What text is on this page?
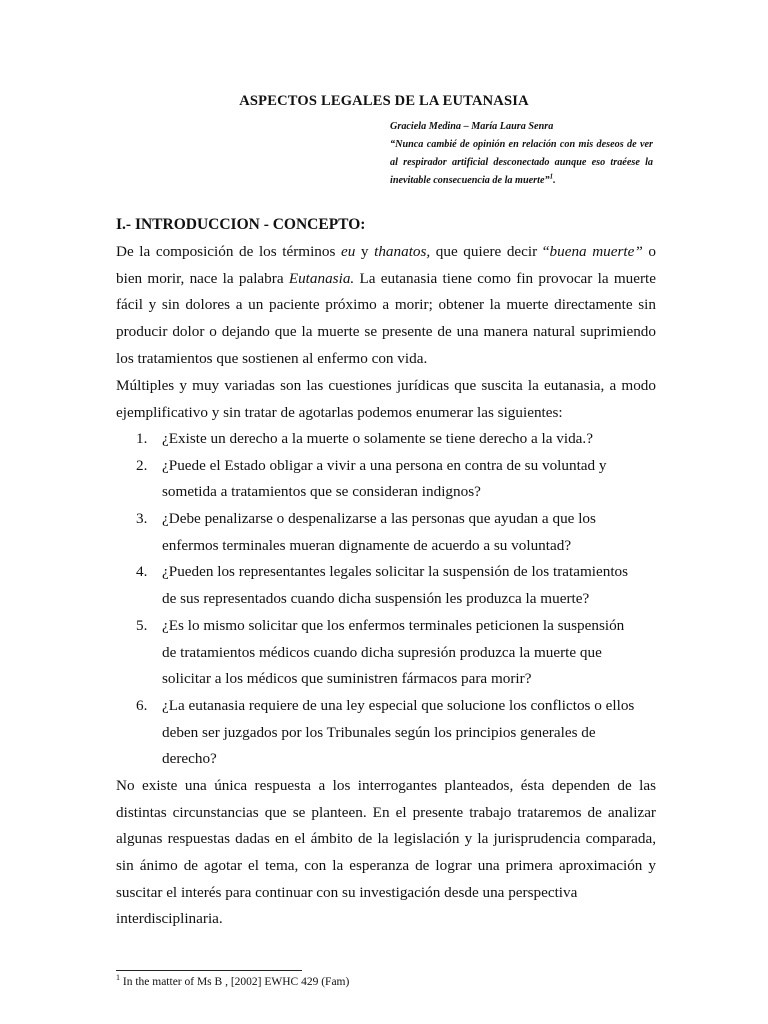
ASPECTOS LEGALES DE LA EUTANASIA
Graciela Medina – María Laura Senra
“Nunca cambié de opinión en relación con mis deseos de ver
al respirador artificial desconectado aunque eso traéese la
inevitable consecuencia de la muerte”$^1$.
I.- INTRODUCCION - CONCEPTO:
De la composición de los términos eu y thanatos, que quiere decir “buena muerte” o
bien morir, nace la palabra Eutanasia. La eutanasia tiene como fin provocar la muerte
fácil y sin dolores a un paciente próximo a morir; obtener la muerte directamente sin
producir dolor o dejando que la muerte se presente de una manera natural suprimiendo
los tratamientos que sostienen al enfermo con vida.
Múltiples y muy variadas son las cuestiones jurídicas que suscita la eutanasia, a modo
ejemplificativo y sin tratar de agotarlas podemos enumerar las siguientes:
1. ¿Existe un derecho a la muerte o solamente se tiene derecho a la vida.?
2. ¿Puede el Estado obligar a vivir a una persona en contra de su voluntad y
sometida a tratamientos que se consideran indignos?
3. ¿Debe penalizarse o despenalizarse a las personas que ayudan a que los
enfermos terminales mueran dignamente de acuerdo a su voluntad?
4. ¿Pueden los representantes legales solicitar la suspensión de los tratamientos
de sus representados cuando dicha suspensión les produzca la muerte?
5. ¿Es lo mismo solicitar que los enfermos terminales peticionen la suspensión
de tratamientos médicos cuando dicha supresión produzca la muerte que
solicitar a los médicos que suministren fármacos para morir?
6. ¿La eutanasia requiere de una ley especial que solucione los conflictos o ellos
deben ser juzgados por los Tribunales según los principios generales de
derecho?
No existe una única respuesta a los interrogantes planteados, ésta dependen de las
distintas circunstancias que se planteen. En el presente trabajo trataremos de analizar
algunas respuestas dadas en el ámbito de la legislación y la jurisprudencia comparada,
sin ánimo de agotar el tema, con la esperanza de lograr una primera aproximación y
suscitar el interés para continuar con su investigación desde una perspectiva
interdisciplinaria.
$^1$ In the matter of Ms B , [2002] EWHC 429 (Fam)
